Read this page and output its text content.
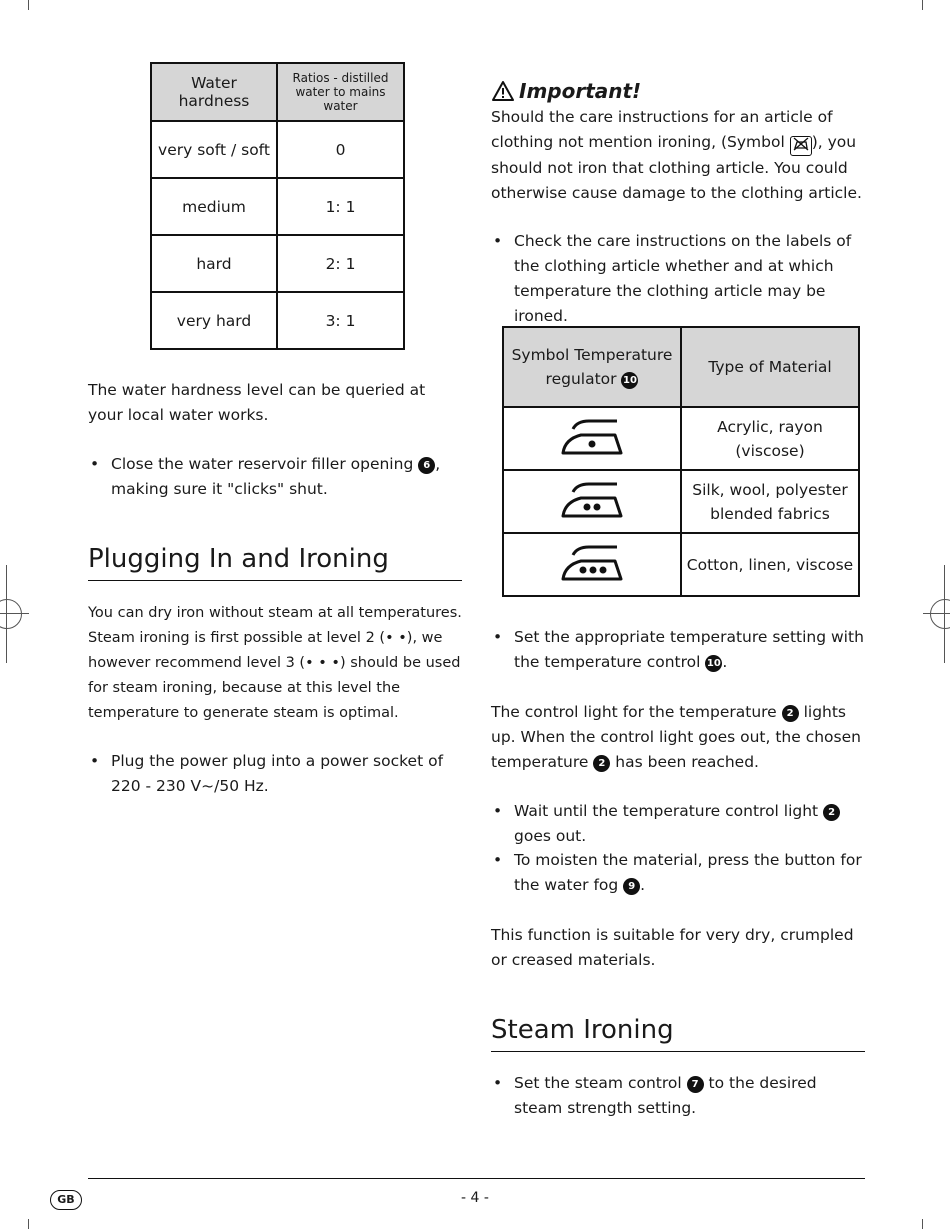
Water hardness	Ratios - distilled water to mains water
very soft / soft	0
medium	1: 1
hard	2: 1
very hard	3: 1

The water hardness level can be queried at your local water works.

• Close the water reservoir filler opening 6 , making sure it "clicks" shut.
Plugging In and Ironing

You can dry iron without steam at all temperatures. Steam ironing is first possible at level 2 (• •), we however recommend level 3 (• • •) should be used for steam ironing, because at this level the temperature to generate steam is optimal.

• Plug the power plug into a power socket of 220 - 230 V~/50 Hz.
Important!

Should the care instructions for an article of clothing not mention ironing, (Symbol ), you should not iron that clothing article. You could otherwise cause damage to the clothing article.

• Check the care instructions on the labels of the clothing article whether and at which temperature the clothing article may be ironed.
Symbol Temperature regulator 10	Type of Material
	Acrylic, rayon (viscose)
	Silk, wool, polyester blended fabrics
	Cotton, linen, viscose
• Set the appropriate temperature setting with the temperature control 10.

The control light for the temperature 2 lights up. When the control light goes out, the chosen temperature 2 has been reached.

• Wait until the temperature control light 2 goes out.
• To moisten the material, press the button for the water fog 9 .

This function is suitable for very dry, crumpled or creased materials.

Steam Ironing
• Set the steam control 7 to the desired steam strength setting.
GB	- 4 -
